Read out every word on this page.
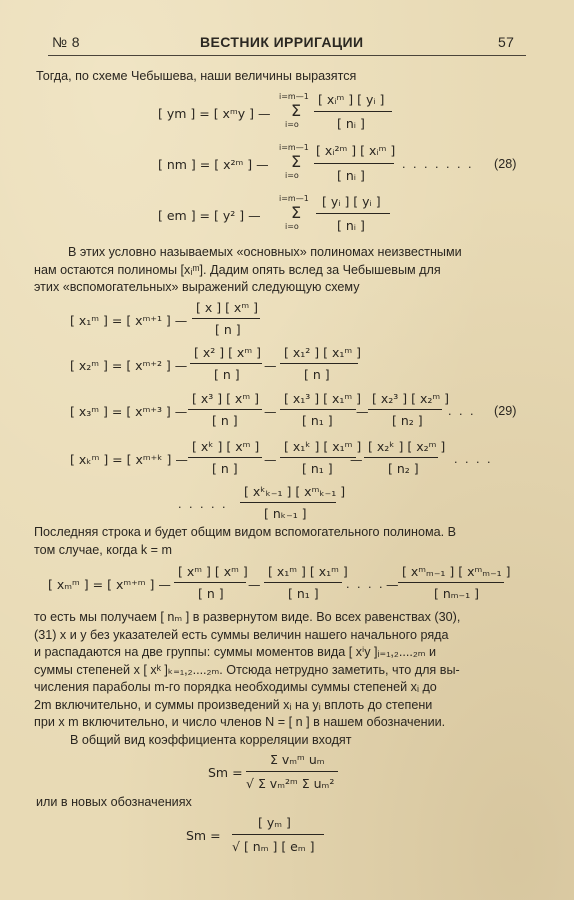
№ 8	ВЕСТНИК ИРРИГАЦИИ	57
Тогда, по схеме Чебышева, наши величины выразятся
[ ym ] = [ xᵐy ] —
i=m—1
Σ
i=o
[ xᵢᵐ ] [ yᵢ ]
[ nᵢ ]
[ nm ] = [ x²ᵐ ] —
i=m—1
Σ
i=o
[ xᵢ²ᵐ ] [ xᵢᵐ ]
[ nᵢ ]
. . . . . . . (28)
[ em ] = [ y² ] —
i=m—1
Σ
i=o
[ yᵢ ] [ yᵢ ]
[ nᵢ ]
В этих условно называемых «основных» полиномах неизвестными
нам остаются полиномы [xᵢᵐ]. Дадим опять вслед за Чебышевым для
этих «вспомогательных» выражений следующую схему
[ x₁ᵐ ] = [ xᵐ⁺¹ ] —
[ x ] [ xᵐ ]
[ n ]
[ x₂ᵐ ] = [ xᵐ⁺² ] —
[ x² ] [ xᵐ ]
[ n ]
—
[ x₁² ] [ x₁ᵐ ]
[ n ]
[ x₃ᵐ ] = [ xᵐ⁺³ ] —
[ x³ ] [ xᵐ ]
[ n ]
—
[ x₁³ ] [ x₁ᵐ ]
[ n₁ ]
—
[ x₂³ ] [ x₂ᵐ ]
[ n₂ ]
. . . (29)
[ xₖᵐ ] = [ xᵐ⁺ᵏ ] —
[ xᵏ ] [ xᵐ ]
[ n ]
—
[ x₁ᵏ ] [ x₁ᵐ ]
[ n₁ ]
—
[ x₂ᵏ ] [ x₂ᵐ ]
[ n₂ ]
. . . .
. . . . .
[ xᵏₖ₋₁ ] [ xᵐₖ₋₁ ]
[ nₖ₋₁ ]
Последняя строка и будет общим видом вспомогательного полинома. В
том случае, когда k = m
[ xₘᵐ ] = [ xᵐ⁺ᵐ ] —
[ xᵐ ] [ xᵐ ]
[ n ]
—
[ x₁ᵐ ] [ x₁ᵐ ]
[ n₁ ]
. . . . —
[ xᵐₘ₋₁ ] [ xᵐₘ₋₁ ]
[ nₘ₋₁ ]
то есть мы получаем [ nₘ ] в развернутом виде. Во всех равенствах (30),
(31) x и y без указателей есть суммы величин нашего начального ряда
и распадаются на две группы: суммы моментов вида [ xⁱy ]ᵢ₌₁,₂....₂ₘ и
суммы степеней x [ xᵏ ]ₖ₌₁,₂....₂ₘ. Отсюда нетрудно заметить, что для вы-
числения параболы m-го порядка необходимы суммы степеней xᵢ до
2m включительно, и суммы произведений xᵢ на yᵢ вплоть до степени
при x m включительно, и число членов N = [ n ] в нашем обозначении.
В общий вид коэффициента корреляции входят
Sm =
Σ vₘᵐ uₘ
√ Σ vₘ²ᵐ Σ uₘ²
или в новых обозначениях
Sm =
[ yₘ ]
√ [ nₘ ] [ eₘ ]
